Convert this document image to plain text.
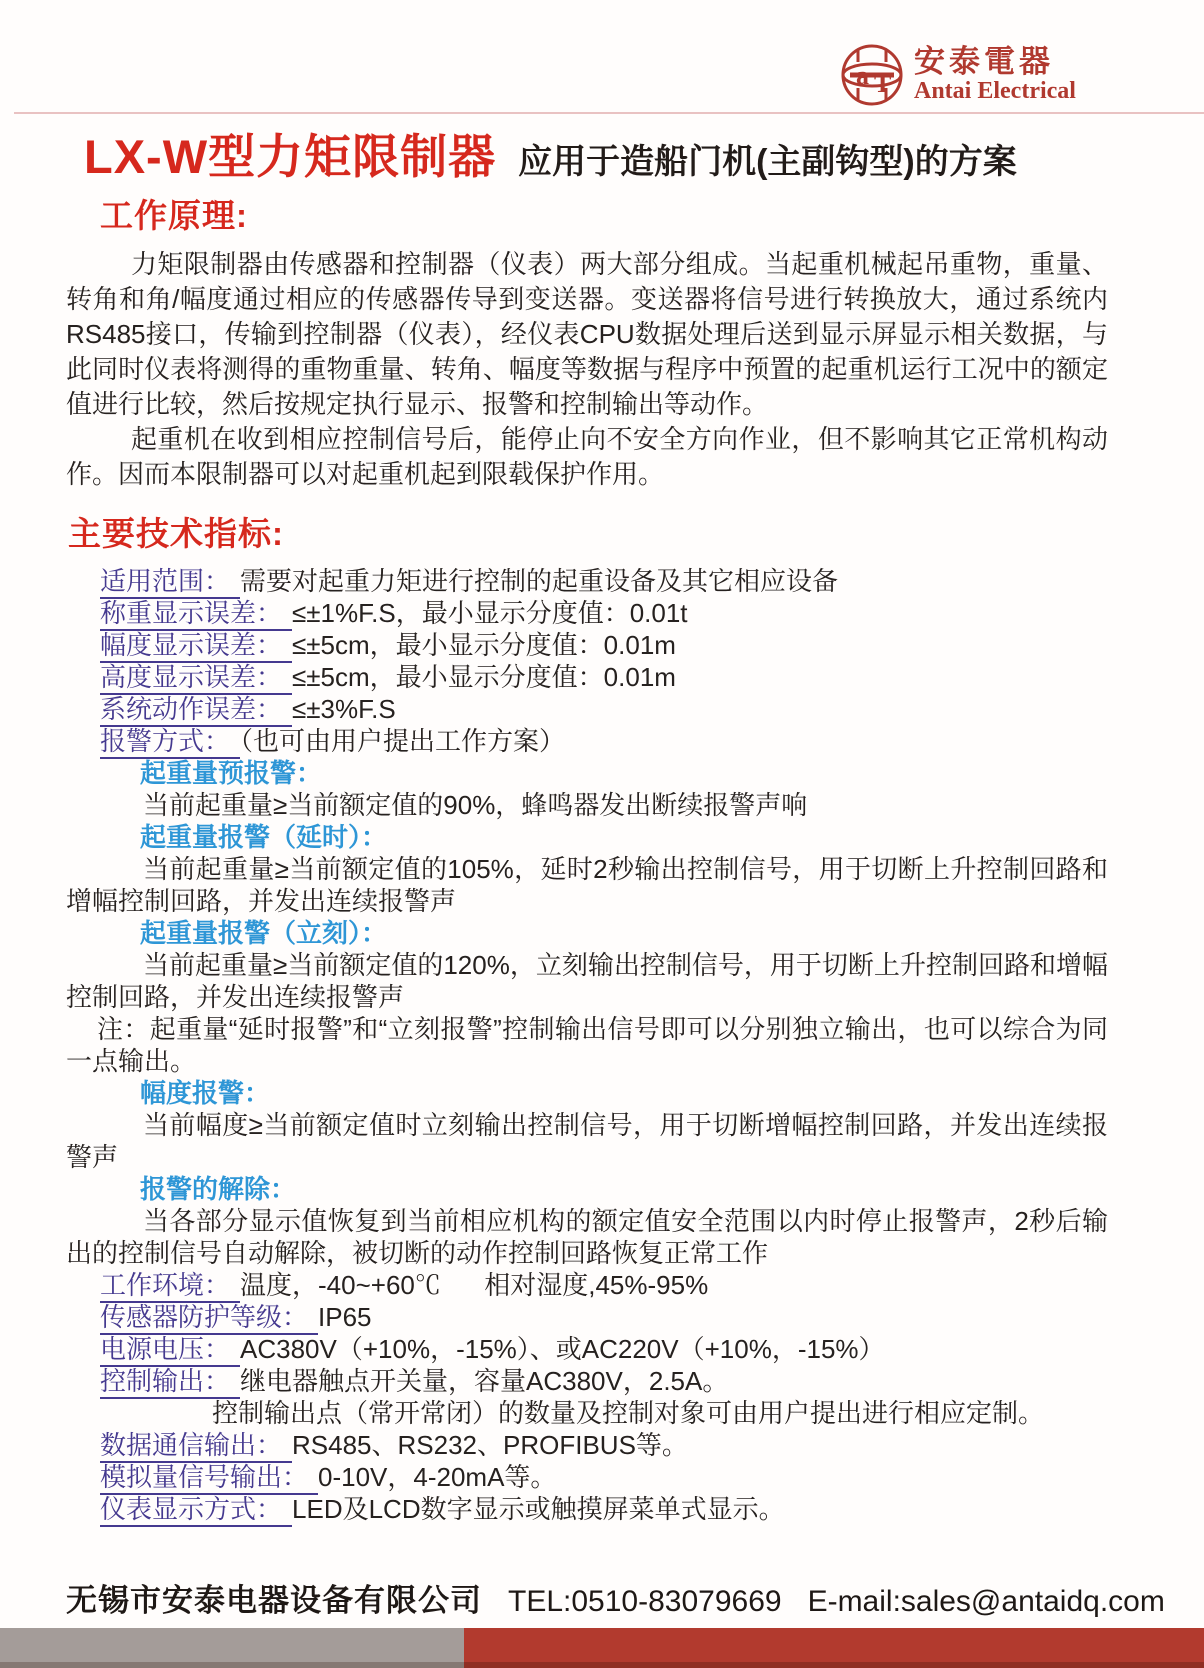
a T
安泰電器
Antai Electrical
LX-W型力矩限制器 应用于造船门机(主副钩型)的方案
工作原理:

力矩限制器由传感器和控制器（仪表）两大部分组成。当起重机械起吊重物，重量、转角和角/幅度通过相应的传感器传导到变送器。变送器将信号进行转换放大，通过系统内RS485接口，传输到控制器（仪表），经仪表CPU数据处理后送到显示屏显示相关数据，与此同时仪表将测得的重物重量、转角、幅度等数据与程序中预置的起重机运行工况中的额定值进行比较，然后按规定执行显示、报警和控制输出等动作。

起重机在收到相应控制信号后，能停止向不安全方向作业，但不影响其它正常机构动作。因而本限制器可以对起重机起到限载保护作用。

主要技术指标:
适用范围： 需要对起重力矩进行控制的起重设备及其它相应设备
称重显示误差： ≤±1%F.S，最小显示分度值：0.01t
幅度显示误差： ≤±5cm，最小显示分度值：0.01m
高度显示误差： ≤±5cm，最小显示分度值：0.01m
系统动作误差： ≤±3%F.S
报警方式： （也可由用户提出工作方案）
起重量预报警：
当前起重量≥当前额定值的90%，蜂鸣器发出断续报警声响
起重量报警（延时）：
当前起重量≥当前额定值的105%，延时2秒输出控制信号，用于切断上升控制回路和增幅控制回路，并发出连续报警声
起重量报警（立刻）：
当前起重量≥当前额定值的120%，立刻输出控制信号，用于切断上升控制回路和增幅控制回路，并发出连续报警声
注：起重量“延时报警”和“立刻报警”控制输出信号即可以分别独立输出，也可以综合为同一点输出。
幅度报警：
当前幅度≥当前额定值时立刻输出控制信号，用于切断增幅控制回路，并发出连续报警声
报警的解除：
当各部分显示值恢复到当前相应机构的额定值安全范围以内时停止报警声，2秒后输出的控制信号自动解除，被切断的动作控制回路恢复正常工作
工作环境： 温度，-40~+60℃      相对湿度,45%-95%
传感器防护等级： IP65
电源电压： AC380V（+10%，-15%）、或AC220V（+10%，-15%）
控制输出： 继电器触点开关量，容量AC380V，2.5A。
控制输出点（常开常闭）的数量及控制对象可由用户提出进行相应定制。
数据通信输出： RS485、RS232、PROFIBUS等。
模拟量信号输出： 0-10V，4-20mA等。
仪表显示方式： LED及LCD数字显示或触摸屏菜单式显示。
无锡市安泰电器设备有限公司 TEL:0510-83079669 E-mail:sales@antaidq.com
